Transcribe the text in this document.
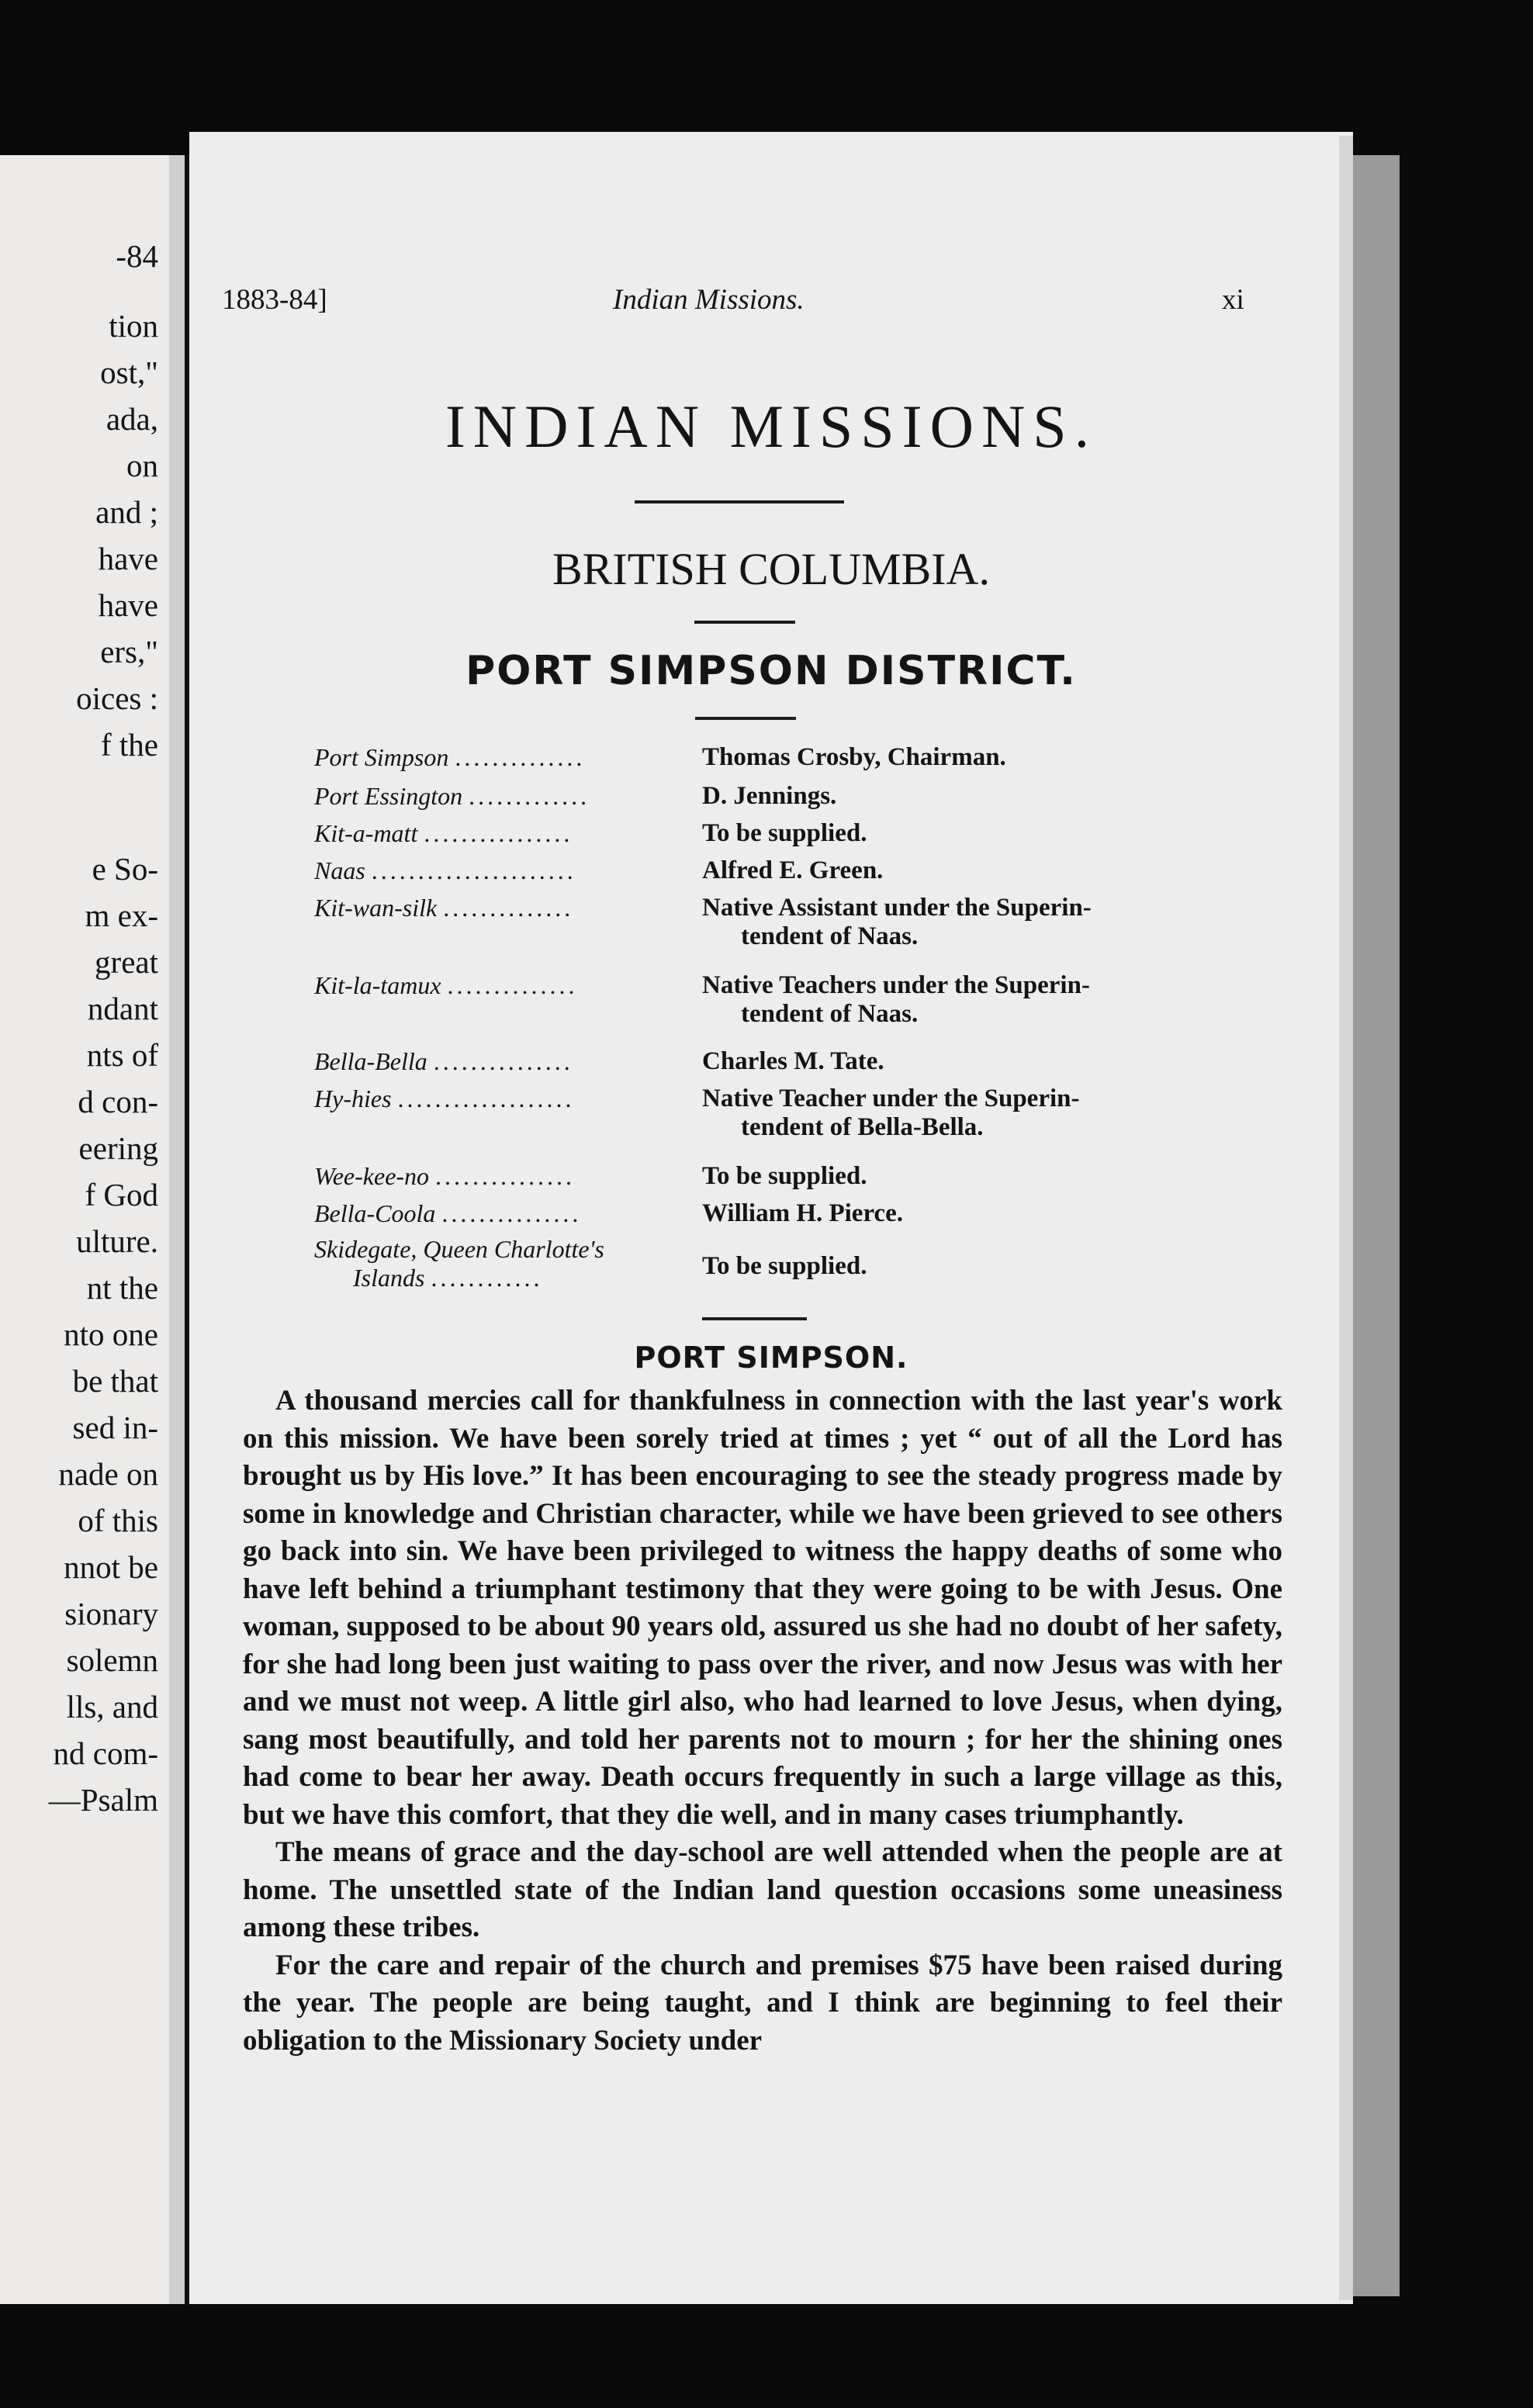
-84
tion
ost,"
ada,
on
and ;
have
have
ers,"
oices :
f the
e So-
m ex-
great
ndant
nts of
d con-
eering
f God
ulture.
nt the
nto one
be that
sed in-
nade on
of this
nnot be
sionary
solemn
lls, and
nd com-
—Psalm
1883-84]	Indian Missions.	xi
INDIAN MISSIONS.
BRITISH COLUMBIA.
PORT SIMPSON DISTRICT.
Port Simpson ..............	Thomas Crosby, Chairman.
Port Essington .............	D. Jennings.
Kit-a-matt ................	To be supplied.
Naas ......................	Alfred E. Green.
Kit-wan-silk ..............	Native Assistant under the Superin-
tendent of Naas.
Kit-la-tamux ..............	Native Teachers under the Superin-
tendent of Naas.
Bella-Bella ...............	Charles M. Tate.
Hy-hies ...................	Native Teacher under the Superin-
tendent of Bella-Bella.
Wee-kee-no ...............	To be supplied.
Bella-Coola ...............	William H. Pierce.
Skidegate, Queen Charlotte's
Islands ............	To be supplied.
PORT SIMPSON.

A thousand mercies call for thankfulness in connection with the last year's work on this mission. We have been sorely tried at times ; yet “ out of all the Lord has brought us by His love.” It has been encouraging to see the steady progress made by some in knowledge and Christian character, while we have been grieved to see others go back into sin. We have been privileged to witness the happy deaths of some who have left behind a triumphant testimony that they were going to be with Jesus. One woman, supposed to be about 90 years old, assured us she had no doubt of her safety, for she had long been just waiting to pass over the river, and now Jesus was with her and we must not weep. A little girl also, who had learned to love Jesus, when dying, sang most beautifully, and told her parents not to mourn ; for her the shining ones had come to bear her away. Death occurs frequently in such a large village as this, but we have this comfort, that they die well, and in many cases triumphantly.

The means of grace and the day-school are well attended when the people are at home. The unsettled state of the Indian land question occasions some uneasiness among these tribes.

For the care and repair of the church and premises $75 have been raised during the year. The people are being taught, and I think are beginning to feel their obligation to the Missionary Society under
